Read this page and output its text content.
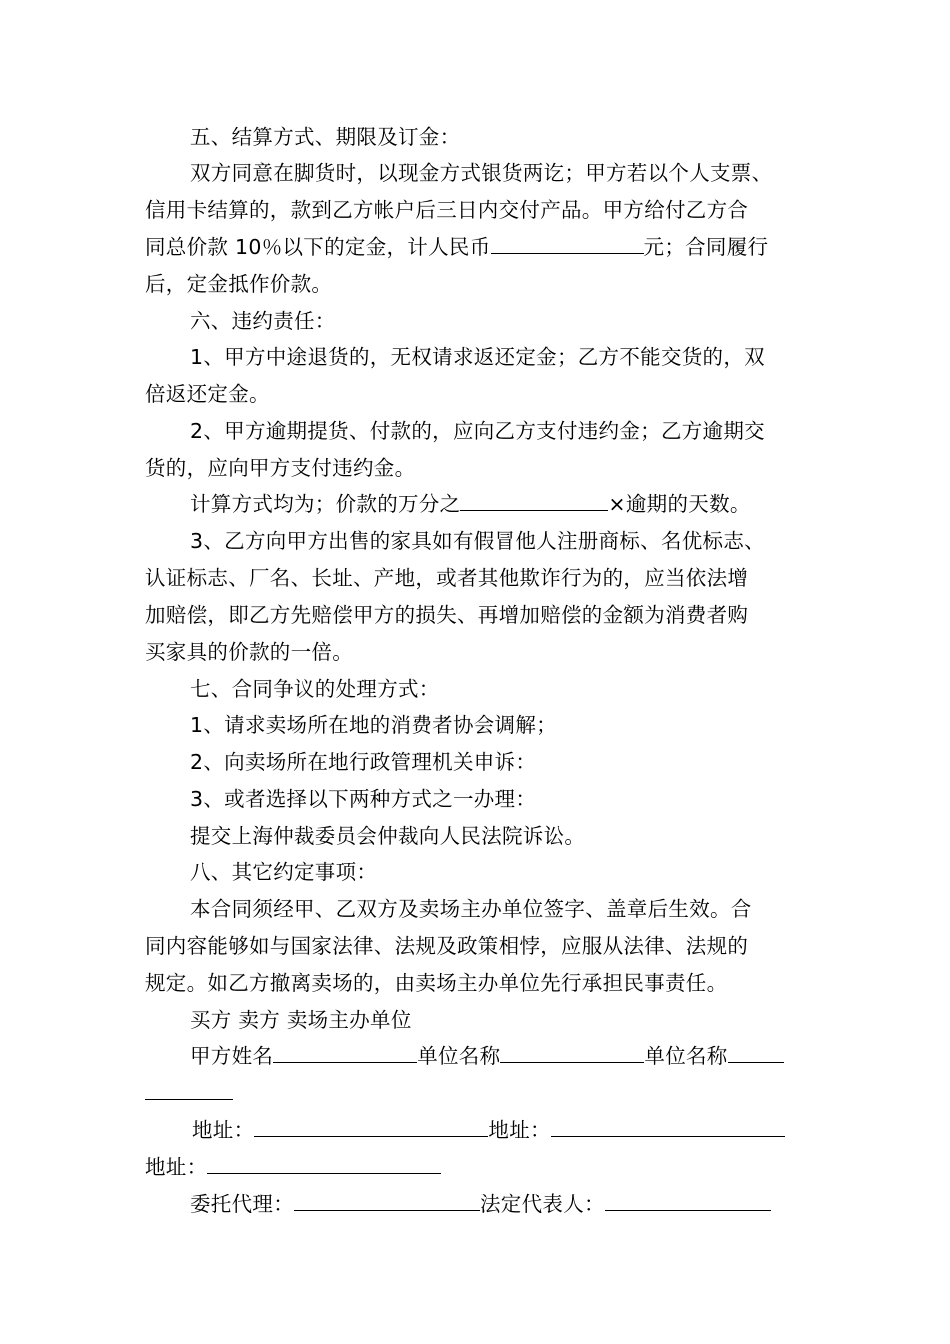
五、结算方式、期限及订金：
双方同意在脚货时，以现金方式银货两讫；甲方若以个人支票、
信用卡结算的，款到乙方帐户后三日内交付产品。甲方给付乙方合
同总价款 10％以下的定金，计人民币	元；合同履行
后，定金抵作价款。
六、违约责任：
1、甲方中途退货的，无权请求返还定金；乙方不能交货的，双
倍返还定金。
2、甲方逾期提货、付款的，应向乙方支付违约金；乙方逾期交
货的，应向甲方支付违约金。
计算方式均为；价款的万分之	×逾期的天数。
3、乙方向甲方出售的家具如有假冒他人注册商标、名优标志、
认证标志、厂名、长址、产地，或者其他欺诈行为的，应当依法增
加赔偿，即乙方先赔偿甲方的损失、再增加赔偿的金额为消费者购
买家具的价款的一倍。
七、合同争议的处理方式：
1、请求卖场所在地的消费者协会调解；
2、向卖场所在地行政管理机关申诉：
3、或者选择以下两种方式之一办理：
提交上海仲裁委员会仲裁向人民法院诉讼。
八、其它约定事项：
本合同须经甲、乙双方及卖场主办单位签字、盖章后生效。合
同内容能够如与国家法律、法规及政策相悖，应服从法律、法规的
规定。如乙方撤离卖场的，由卖场主办单位先行承担民事责任。
买方 卖方 卖场主办单位
甲方姓名	单位名称	单位名称
地址：	地址：
地址：
委托代理：	法定代表人：
